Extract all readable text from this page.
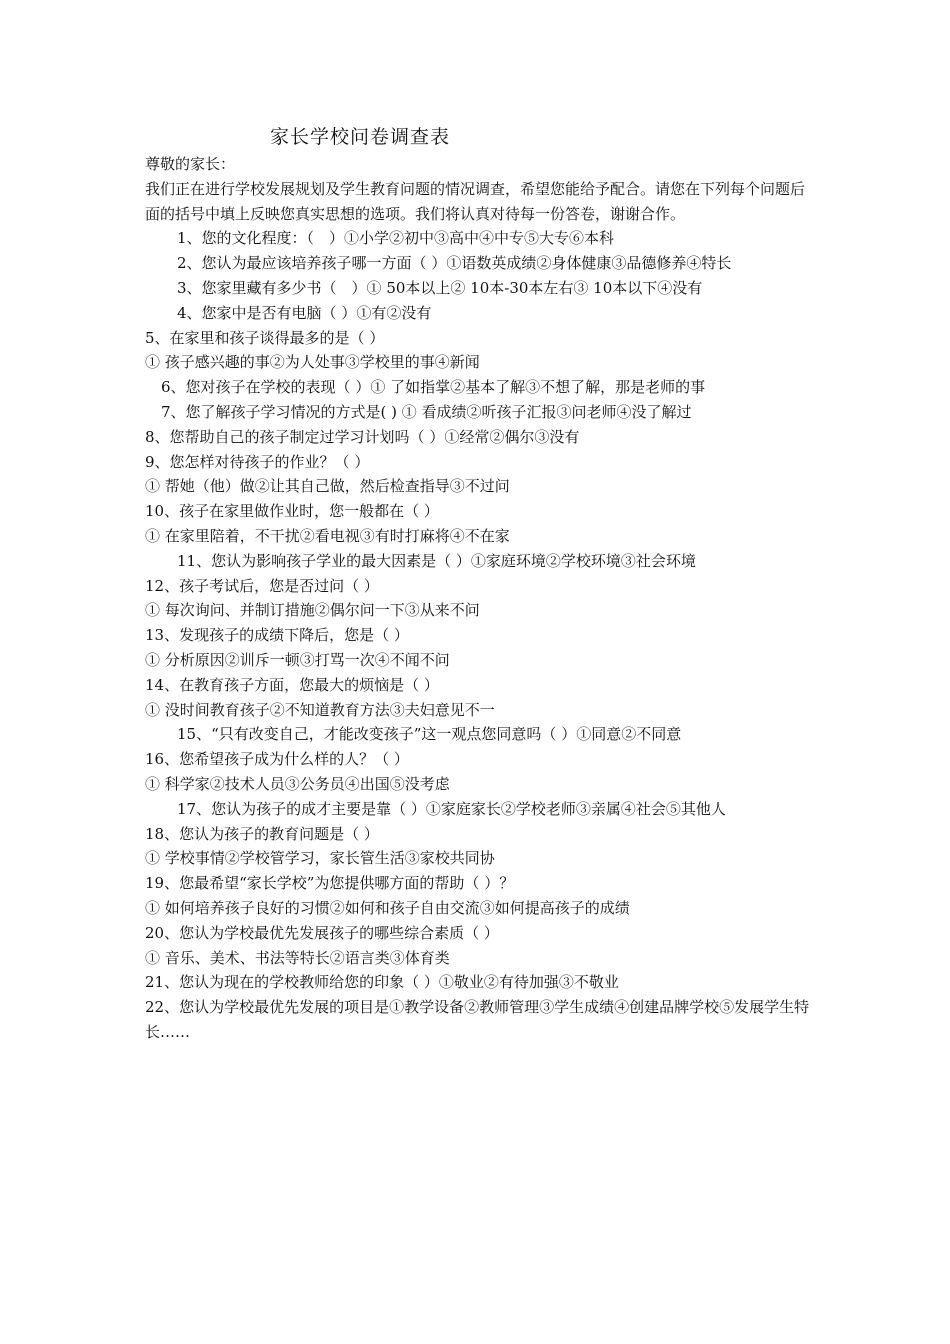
家长学校问卷调查表
尊敬的家长：
我们正在进行学校发展规划及学生教育问题的情况调查，希望您能给予配合。请您在下列每个问题后面的括号中填上反映您真实思想的选项。我们将认真对待每一份答卷，谢谢合作。
1、您的文化程度：（　）①小学②初中③高中④中专⑤大专⑥本科
2、您认为最应该培养孩子哪一方面（ ）①语数英成绩②身体健康③品德修养④特长
3、您家里藏有多少书（　）① 50本以上② 10本-30本左右③ 10本以下④没有
4、您家中是否有电脑（ ）①有②没有
5、在家里和孩子谈得最多的是（ ）
① 孩子感兴趣的事②为人处事③学校里的事④新闻
6、您对孩子在学校的表现（ ）① 了如指掌②基本了解③不想了解，那是老师的事
7、您了解孩子学习情况的方式是( ) ① 看成绩②听孩子汇报③问老师④没了解过
8、您帮助自己的孩子制定过学习计划吗（ ）①经常②偶尔③没有
9、您怎样对待孩子的作业？（ ）
① 帮她（他）做②让其自己做，然后检查指导③不过问
10、孩子在家里做作业时，您一般都在（ ）
① 在家里陪着，不干扰②看电视③有时打麻将④不在家
11、您认为影响孩子学业的最大因素是（ ）①家庭环境②学校环境③社会环境
12、孩子考试后，您是否过问（ ）
① 每次询问、并制订措施②偶尔问一下③从来不问
13、发现孩子的成绩下降后，您是（ ）
① 分析原因②训斥一顿③打骂一次④不闻不问
14、在教育孩子方面，您最大的烦恼是（ ）
① 没时间教育孩子②不知道教育方法③夫妇意见不一
15、“只有改变自己，才能改变孩子”这一观点您同意吗（ ）①同意②不同意
16、您希望孩子成为什么样的人？（ ）
① 科学家②技术人员③公务员④出国⑤没考虑
17、您认为孩子的成才主要是靠（ ）①家庭家长②学校老师③亲属④社会⑤其他人
18、您认为孩子的教育问题是（ ）
① 学校事情②学校管学习，家长管生活③家校共同协
19、您最希望“家长学校”为您提供哪方面的帮助（ ）？
① 如何培养孩子良好的习惯②如何和孩子自由交流③如何提高孩子的成绩
20、您认为学校最优先发展孩子的哪些综合素质（ ）
① 音乐、美术、书法等特长②语言类③体育类
21、您认为现在的学校教师给您的印象（ ）①敬业②有待加强③不敬业
22、您认为学校最优先发展的项目是①教学设备②教师管理③学生成绩④创建品牌学校⑤发展学生特长……
